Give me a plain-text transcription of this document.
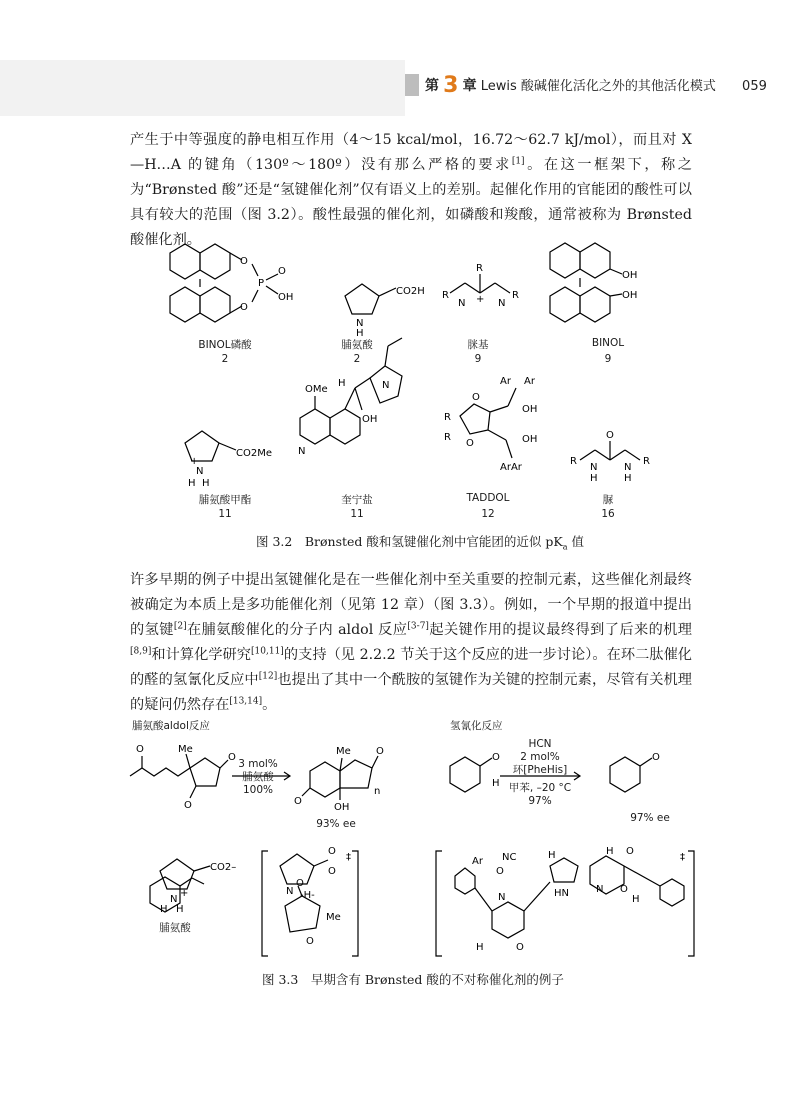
第 3 章 Lewis 酸碱催化活化之外的其他活化模式 059
产生于中等强度的静电相互作用（4～15 kcal/mol，16.72～62.7 kJ/mol），而且对 X—H…A 的键角（130º～180º）没有那么严格的要求[1]。在这一框架下，称之为“Brønsted 酸”还是“氢键催化剂”仅有语义上的差别。起催化作用的官能团的酸性可以具有较大的范围（图 3.2）。酸性最强的催化剂，如磷酸和羧酸，通常被称为 Brønsted 酸催化剂。
O
O
P
O
OH
N
H
CO2H R
R
R
N	N
+
OH
OH
N
H H
+
CO2Me
OMe
N
N
OH
H
R
R
O
O
Ar Ar
OH
OH
ArAr
R	R
N	N
H	H
O
BINOL磷酸
2
脯氨酸
2
脒基
9
BINOL
9
脯氨酸甲酯
11
奎宁盐
11
TADDOL
12
脲
16
图 3.2　Brønsted 酸和氢键催化剂中官能团的近似 $pK_a$ 值
许多早期的例子中提出氢键催化是在一些催化剂中至关重要的控制元素，这些催化剂最终被确定为本质上是多功能催化剂（见第 12 章）（图 3.3）。例如，一个早期的报道中提出的氢键[2]在脯氨酸催化的分子内 aldol 反应[3-7]起关键作用的提议最终得到了后来的机理[8,9]和计算化学研究[10,11]的支持（见 2.2.2 节关于这个反应的进一步讨论）。在环二肽催化的醛的氢氰化反应中[12]也提出了其中一个酰胺的氢键作为关键的控制元素，尽管有关机理的疑问仍然存在[13,14]。
脯氨酸aldol反应	氢氰化反应
O	Me
O
O
Me	O
O
OH
n
O
H
O
N
H H
+
CO2–
O
O
N -H-
O
Me
O
‡	NC
Ar
O
H
HN
H O
N O
H
N
O
H
‡
3 mol%
脯氨酸
100%
93% ee
HCN
2 mol%
环[PheHis]
甲苯, –20 °C
97%
97% ee
脯氨酸
图 3.3　早期含有 Brønsted 酸的不对称催化剂的例子
